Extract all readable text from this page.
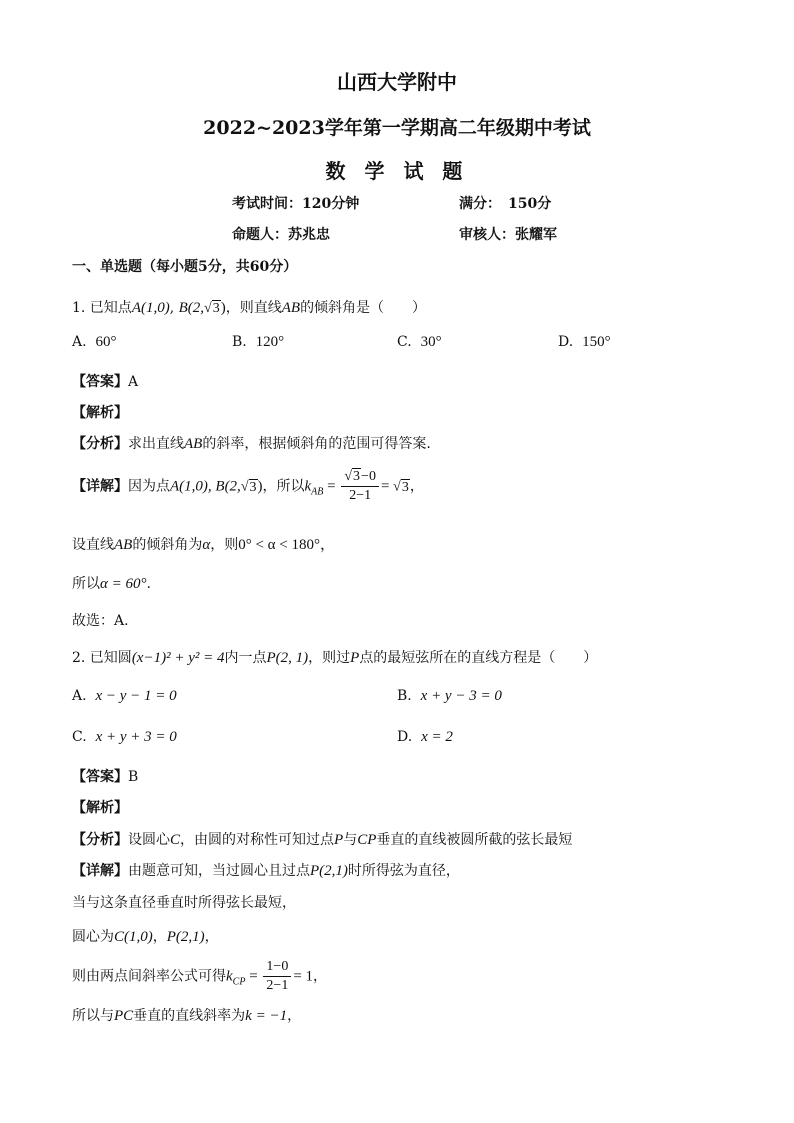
山西大学附中
2022~2023学年第一学期高二年级期中考试
数 学 试 题
考试时间：120分钟	满分：　150分
命题人：苏兆忠	审核人：张耀军
一、单选题（每小题5分，共60分）
1. 已知点A(1,0), B(2,√3)，则直线AB的倾斜角是（　　）
A. 60°	B. 120°	C. 30°	D. 150°
【答案】A
【解析】
【分析】求出直线AB的斜率，根据倾斜角的范围可得答案.
【详解】因为点A(1,0), B(2,√3)，所以$k_{AB} = \frac{√3-0}{2-1} = √3$，
设直线AB的倾斜角为α，则0° < α < 180°，
所以α = 60°.
故选：A.
2. 已知圆(x−1)² + y² = 4内一点P(2, 1)，则过P点的最短弦所在的直线方程是（　　）
A. x − y − 1 = 0	B. x + y − 3 = 0
C. x + y + 3 = 0	D. x = 2
【答案】B
【解析】
【分析】设圆心C，由圆的对称性可知过点P与CP垂直的直线被圆所截的弦长最短
【详解】由题意可知，当过圆心且过点P(2,1)时所得弦为直径，
当与这条直径垂直时所得弦长最短，
圆心为C(1,0)，P(2,1)，
则由两点间斜率公式可得$k_{CP} = \frac{1-0}{2-1} = 1$，
所以与PC垂直的直线斜率为k = −1，
